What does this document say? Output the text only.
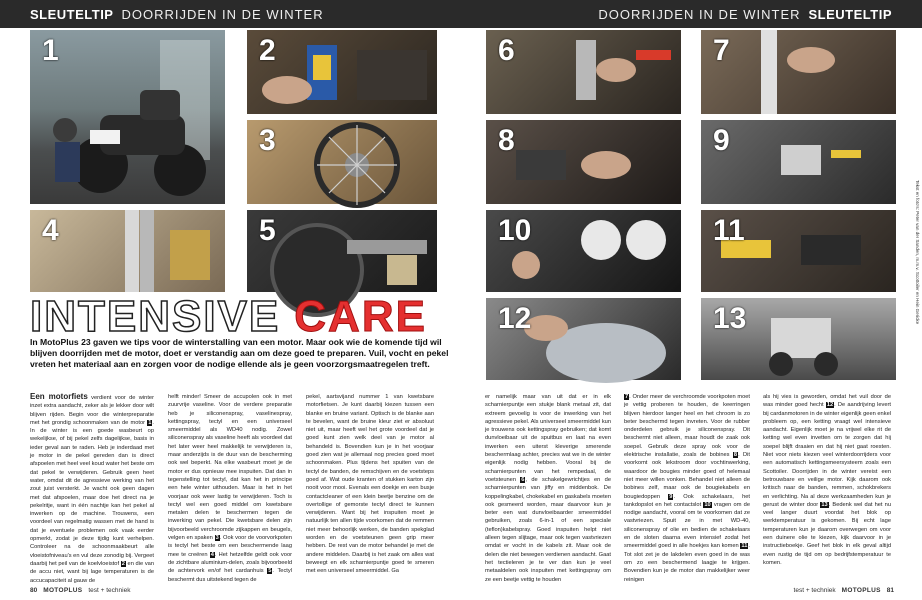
SLEUTELTIP DOORRIJDEN IN DE WINTER
1	2
3
4	5
INTENSIVE CARE
In MotoPlus 23 gaven we tips voor de winterstalling van een motor. Maar ook wie de komende tijd wil blijven doorrijden met de motor, doet er verstandig aan om deze goed te preparen. Vuil, vocht en pekel vreten het materiaal aan en zorgen voor de nodige ellende als je geen voorzorgsmaatregelen treft.
Een motorfiets verdient voor de winter inzet extra aandacht, zeker als je lekker door wilt blijven rijden. Begin voor die winterpreparatie met het grondig schoonmaken van de motor 1. In de winter is een goede wasbeurt op wekelijkse, of bij pekel zelfs dagelijkse, basis in ieder geval aan te raden. Heb je inderdaad met je motor in de pekel gereden dan is direct afspoelen met heel veel koud water het beste om dat pekel te verwijderen. Gebruik geen heet water, omdat dit de agressieve werking van het zout juist versterkt. Je wacht ook geen dagen met dat afspoelen, maar doe het direct na je pekelritje, want in één nachtje kan het pekel al inwerken op de machine. Trouwens, een voordeel van regelmatig wassen met de hand is dat je eventuele problemen ook vaak eerder opmerkt, zodat je deze tijdig kunt verhelpen. Controleer na de schoonmaakbeurt alle vloeistofniveau's en vul deze zonodig bij. Vergeet daarbij het peil van de koelvloeistof 2 en die van de accu niet, want bij lage temperaturen is de accucapaciteit al gauw de
helft minder! Smeer de accupolen ook in met zuurvrije vaseline. Voor de verdere preparatie heb je siliconenspray, vaselinespray, kettingspray, tectyl en een universeel smeermiddel als WD40 nodig. Zowel siliconenspray als vaseline heeft als voordeel dat het later weer heel makkelijk te verwijderen is, maar anderzijds is de duur van de bescherming ook wel beperkt. Na elke wasbeurt moet je de motor er dus opnieuw mee inspuiten. Dat dan in tegenstelling tot tectyl, dat kan het in principe een hele winter uithouden. Maar is het in het voorjaar ook weer lastig te verwijderen. Toch is tectyl wel een goed middel om kwetsbare metalen delen te beschermen tegen de inwerking van pekel. Die kwetsbare delen zijn bijvoorbeeld verchroomde zijkappen en beugels, velgen en spaken 3. Ook voor de voorvorkpoten is tectyl het beste om een beschermende laag mee te creëren 4. Het hetzelfde geldt ook voor de zichtbare aluminium-delen, zoals bijvoorbeeld de achtervork en/of het cardanhuis 5. Tectyl beschermt dus uitstekend tegen de
pekel, aartsvijand nummer 1 van kwetsbare motorfietsen. Je kunt daarbij kiezen tussen een blanke en bruine variant. Optisch is de blanke aan te bevelen, want de bruine kleur ziet er absoluut niet uit, maar heeft wel het grote voordeel dat je goed kunt zien welk deel van je motor al behandeld is. Bovendien kun je in het voorjaar goed zien wat je allemaal nog precies goed moet schoonmaken. Plus tijdens het spuiten van de tectyl de banden, de remschijven en de voetsteps goed af. Wat oude kranten of stukken karton zijn nooit voor mooi. Evenals een doekje en een busje contactcleaner of een klein beetje benzine om de overtollige of gemorste tectyl direct te kunnen verwijderen. Want bij het inspuiten moet je natuurlijk ten allen tijde voorkomen dat de remmen niet meer behoorlijk werken, de banden spekglad worden en de voetsteunen geen grip meer hebben. De rest van de motor behandel je met de andere middelen. Daarbij is het zaak om alles wat beweegt en elk scharnierpuntje goed te smeren met een universeel smeermiddel. Ga
80 MOTOPLUS test + techniek
DOORRIJDEN IN DE WINTER SLEUTELTIP
6	7
8	9
10	11
12	13
er namelijk maar van uit dat er in elk scharnierpuntje een stukje blank metaal zit, dat extreem gevoelig is voor de inwerking van het agressieve pekel. Als universeel smeermiddel kun je trouwens ook kettingspray gebruiken; dat komt dunvloeibaar uit de spuitbus en laat na even inwerken een uiterst kleverige smerende beschermlaag achter, precies wat we in de winter eigenlijk nodig hebben. Vooral bij de scharnierpunten van het rempedaal, de voetsteunen 6, de schakelgewrichtjes en de scharnierpunten van jiffy en middenbok. De koppelingkabel, chokekabel en gaskabels moeten ook gesmeerd worden, maar daarvoor kun je beter een wat dunvloeibaarder smeermiddel gebruiken, zoals 6-in-1 of een speciale (teflon)kabelspray. Goed inspuiten helpt niet alleen tegen slijtage, maar ook tegen vastvriezen omdat er vocht in de kabels zit. Maar ook de delen die niet bewegen verdienen aandacht. Gaat het tectieleren je te ver dan kun je veel metaaldelen ook inspuiten met kettingspray om ze een beetje vettig te houden
7. Onder meer de verchroomde voorkpoten moet je vettig proberen te houden, de keerringen blijven hierdoor langer heel en het chroom is zo beter beschermd tegen invreten. Voor de rubber onderdelen gebruik je siliconenspray. Dit beschermt niet alleen, maar houdt de zaak ook soepel. Gebruik deze spray ook voor de elektrische installatie, zoals de bobines 8. Dit voorkomt ook lekstroom door vochtinwerking, waardoor de bougies minder goed of helemaal niet meer willen vonken. Behandel niet alleen de bobines zelf, maar ook de bougiekabels en bougiedoppen 9. Ook schakelaars, het tankdopslot en het contactslot 10 vragen om de nodige aandacht, vooral om te voorkomen dat ze vastvriezen. Spuit ze in met WD-40, siliconenspray of olie en bedien de schakelaars en de sloten daarna even intensief zodat het smeermiddel goed in alle hoekjes kan komen 11. Tot slot zet je de lakdelen even goed in de was om zo een beschermend laagje te krijgen. Bovendien kun je de motor dan makkelijker weer reinigen
als hij vies is geworden, omdat het vuil door de was minder goed hecht 12. De aandrijving levert bij cardanmotoren in de winter eigenlijk geen enkel probleem op, een ketting vraagt wel intensieve aandacht. Eigenlijk moet je na vrijwel elke rit de ketting wel even invetten om te zorgen dat hij soepel blijft draaien en dat hij niet gaat roesten. Niet voor niets kiezen veel winterdoorrijders voor een automatisch kettingsmeersysteem zoals een Scottoiler. Doorrijden in de winter vereist een betrouwbare en veilige motor. Kijk daarom ook kritisch naar de banden, remmen, schokbrekers en verlichting. Na al deze werkzaamheden kun je gerust de winter door 13. Bedenk wel dat het nu veel langer duurt voordat het blok op werktemperatuur is gekomen. Bij echt lage temperaturen kun je daarom overwegen om voor een duinere olie te kiezen, kijk daarvoor in je instructieboekje. Geef het blok in elk geval altijd even rustig de tijd om op bedrijfstemperatuur te komen.
Tekst en foto's: Peter van der Sanden, m.m.v. Scottoiler en Hein Gericke
test + techniek MOTOPLUS 81
